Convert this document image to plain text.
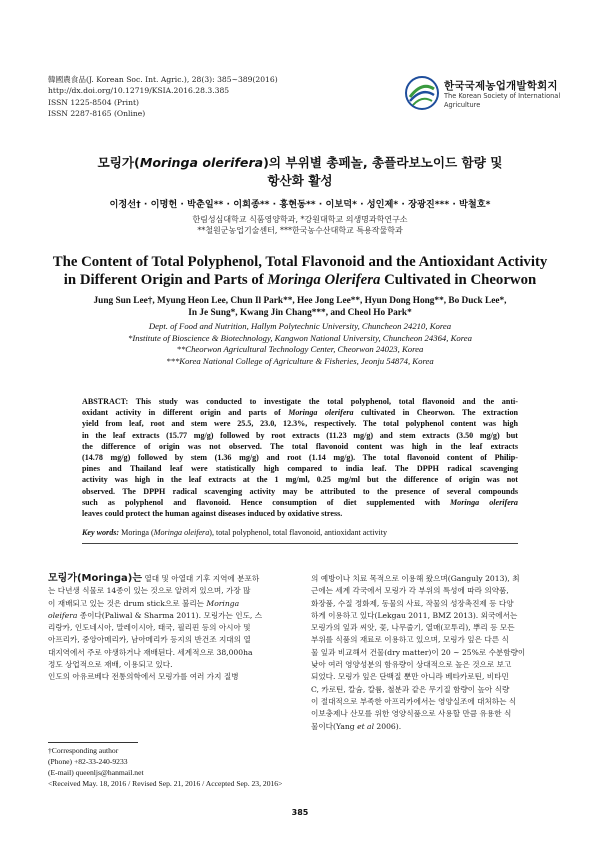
韓國農食品(J. Korean Soc. Int. Agric.), 28(3): 385~389(2016)
http://dx.doi.org/10.12719/KSIA.2016.28.3.385
ISSN 1225-8504 (Print)
ISSN 2287-8165 (Online)
한국국제농업개발학회지
The Korean Society of International Agriculture
모링가(Moringa olerifera)의 부위별 총페놀, 총플라보노이드 함량 및
항산화 활성
이정선† · 이명헌 · 박춘일** · 이희종** · 홍현동** · 이보덕* · 성인제* · 장광진*** · 박철호*
한림성심대학교 식품영양학과, *강원대학교 의생명과학연구소
**철원군농업기술센터, ***한국농수산대학교 특용작물학과
The Content of Total Polyphenol, Total Flavonoid and the Antioxidant Activity
in Different Origin and Parts of Moringa Olerifera Cultivated in Cheorwon
Jung Sun Lee†, Myung Heon Lee, Chun Il Park**, Hee Jong Lee**, Hyun Dong Hong**, Bo Duck Lee*,
In Je Sung*, Kwang Jin Chang***, and Cheol Ho Park*
Dept. of Food and Nutrition, Hallym Polytechnic University, Chuncheon 24210, Korea
*Institute of Bioscience & Biotechnology, Kangwon National University, Chuncheon 24364, Korea
**Cheorwon Agricultural Technology Center, Cheorwon 24023, Korea
***Korea National College of Agriculture & Fisheries, Jeonju 54874, Korea
ABSTRACT: This study was conducted to investigate the total polyphenol, total flavonoid and the anti-
oxidant activity in different origin and parts of Moringa olerifera cultivated in Cheorwon. The extraction
yield from leaf, root and stem were 25.5, 23.0, 12.3%, respectively. The total polyphenol content was high
in the leaf extracts (15.77 mg/g) followed by root extracts (11.23 mg/g) and stem extracts (3.50 mg/g) but
the difference of origin was not observed. The total flavonoid content was high in the leaf extracts
(14.78 mg/g) followed by stem (1.36 mg/g) and root (1.14 mg/g). The total flavonoid content of Philip-
pines and Thailand leaf were statistically high compared to india leaf. The DPPH radical scavenging
activity was high in the leaf extracts at the 1 mg/ml, 0.25 mg/ml but the difference of origin was not
observed. The DPPH radical scavenging activity may be attributed to the presence of several compounds
such as polyphenol and flavonoid. Hence consumption of diet supplemented with Moringa olerifera
leaves could protect the human against diseases induced by oxidative stress.
Key words: Moringa (Moringa oleifera), total polyphenol, total flavonoid, antioxidant activity
모링가(Moringa)는 열대 및 아열대 기후 지역에 분포하
는 다년생 식물로 14종이 있는 것으로 알려져 있으며, 가장 많
이 재배되고 있는 것은 drum stick으로 불리는 Moringa
oleifera 종이다(Paliwal & Sharma 2011). 모링가는 인도, 스
리랑카, 인도네시아, 말레이시아, 태국, 필리핀 등의 아시아 및
아프리카, 중앙아메리카, 남아메리카 등지의 반건조 지대의 열
대지역에서 주로 야생하거나 재배된다. 세계적으로 38,000ha
정도 상업적으로 재배, 이용되고 있다.
인도의 아유르베다 전통의학에서 모링가를 여러 가지 질병
의 예방이나 치료 목적으로 이용해 왔으며(Ganguly 2013), 최
근에는 세계 각국에서 모링가 각 부위의 특성에 따라 의약품,
화장품, 수질 정화제, 동물의 사료, 작물의 성장촉진제 등 다양
하게 이용하고 있다(Lekgau 2011, BMZ 2013). 외국에서는
모링가의 잎과 씨앗, 꽃, 나무줄기, 열매(꼬투리), 뿌리 등 모든
부위를 식품의 재료로 이용하고 있으며, 모링가 잎은 다른 식
물 잎과 비교해서 건물(dry matter)이 20 ~ 25%로 수분함량이
낮아 여러 영양성분의 함유량이 상대적으로 높은 것으로 보고
되었다. 모링가 잎은 단백질 뿐만 아니라 베타카로틴, 비타민
C, 카로틴, 칼슘, 칼륨, 철분과 같은 무기질 함량이 높아 식량
이 절대적으로 부족한 아프리카에서는 영양실조에 대처하는 식
이보충제나 산모를 위한 영양식품으로 사용할 만큼 유용한 식
물이다(Yang et al 2006).
†Corresponding author
(Phone) +82-33-240-9233
(E-mail) queenljs@hanmail.net
<Received May. 18, 2016 / Revised Sep. 21, 2016 / Accepted Sep. 23, 2016>
385
